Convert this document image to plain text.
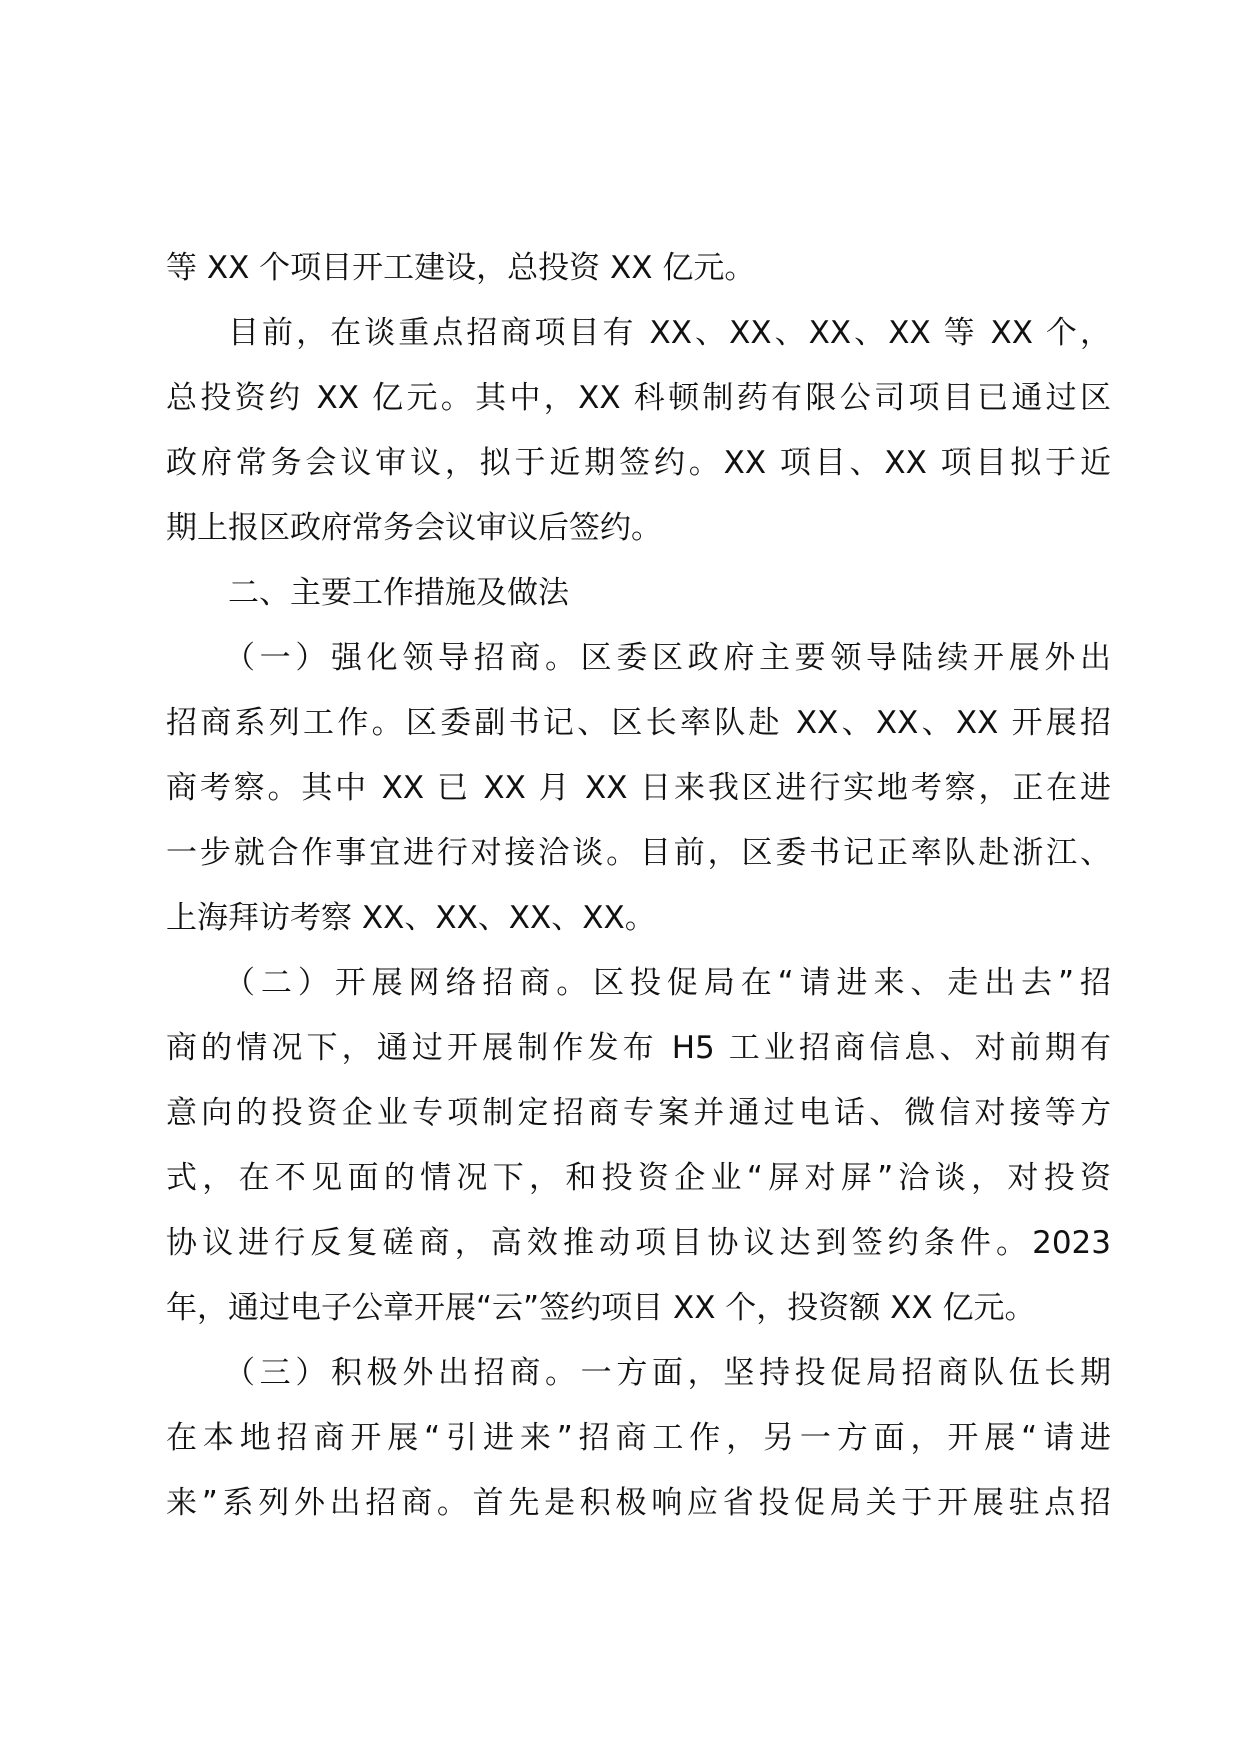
等 XX 个项目开工建设，总投资 XX 亿元。
目前，在谈重点招商项目有 XX、XX、XX、XX 等 XX 个，
总投资约 XX 亿元。其中，XX 科顿制药有限公司项目已通过区
政府常务会议审议，拟于近期签约。XX 项目、XX 项目拟于近
期上报区政府常务会议审议后签约。
二、主要工作措施及做法
（一）强化领导招商。区委区政府主要领导陆续开展外出
招商系列工作。区委副书记、区长率队赴 XX、XX、XX 开展招
商考察。其中 XX 已 XX 月 XX 日来我区进行实地考察，正在进
一步就合作事宜进行对接洽谈。目前，区委书记正率队赴浙江、
上海拜访考察 XX、XX、XX、XX。
（二）开展网络招商。区投促局在“请进来、走出去”招
商的情况下，通过开展制作发布 H5 工业招商信息、对前期有
意向的投资企业专项制定招商专案并通过电话、微信对接等方
式，在不见面的情况下，和投资企业“屏对屏”洽谈，对投资
协议进行反复磋商，高效推动项目协议达到签约条件。2023
年，通过电子公章开展“云”签约项目 XX 个，投资额 XX 亿元。
（三）积极外出招商。一方面，坚持投促局招商队伍长期
在本地招商开展“引进来”招商工作，另一方面，开展“请进
来”系列外出招商。首先是积极响应省投促局关于开展驻点招
